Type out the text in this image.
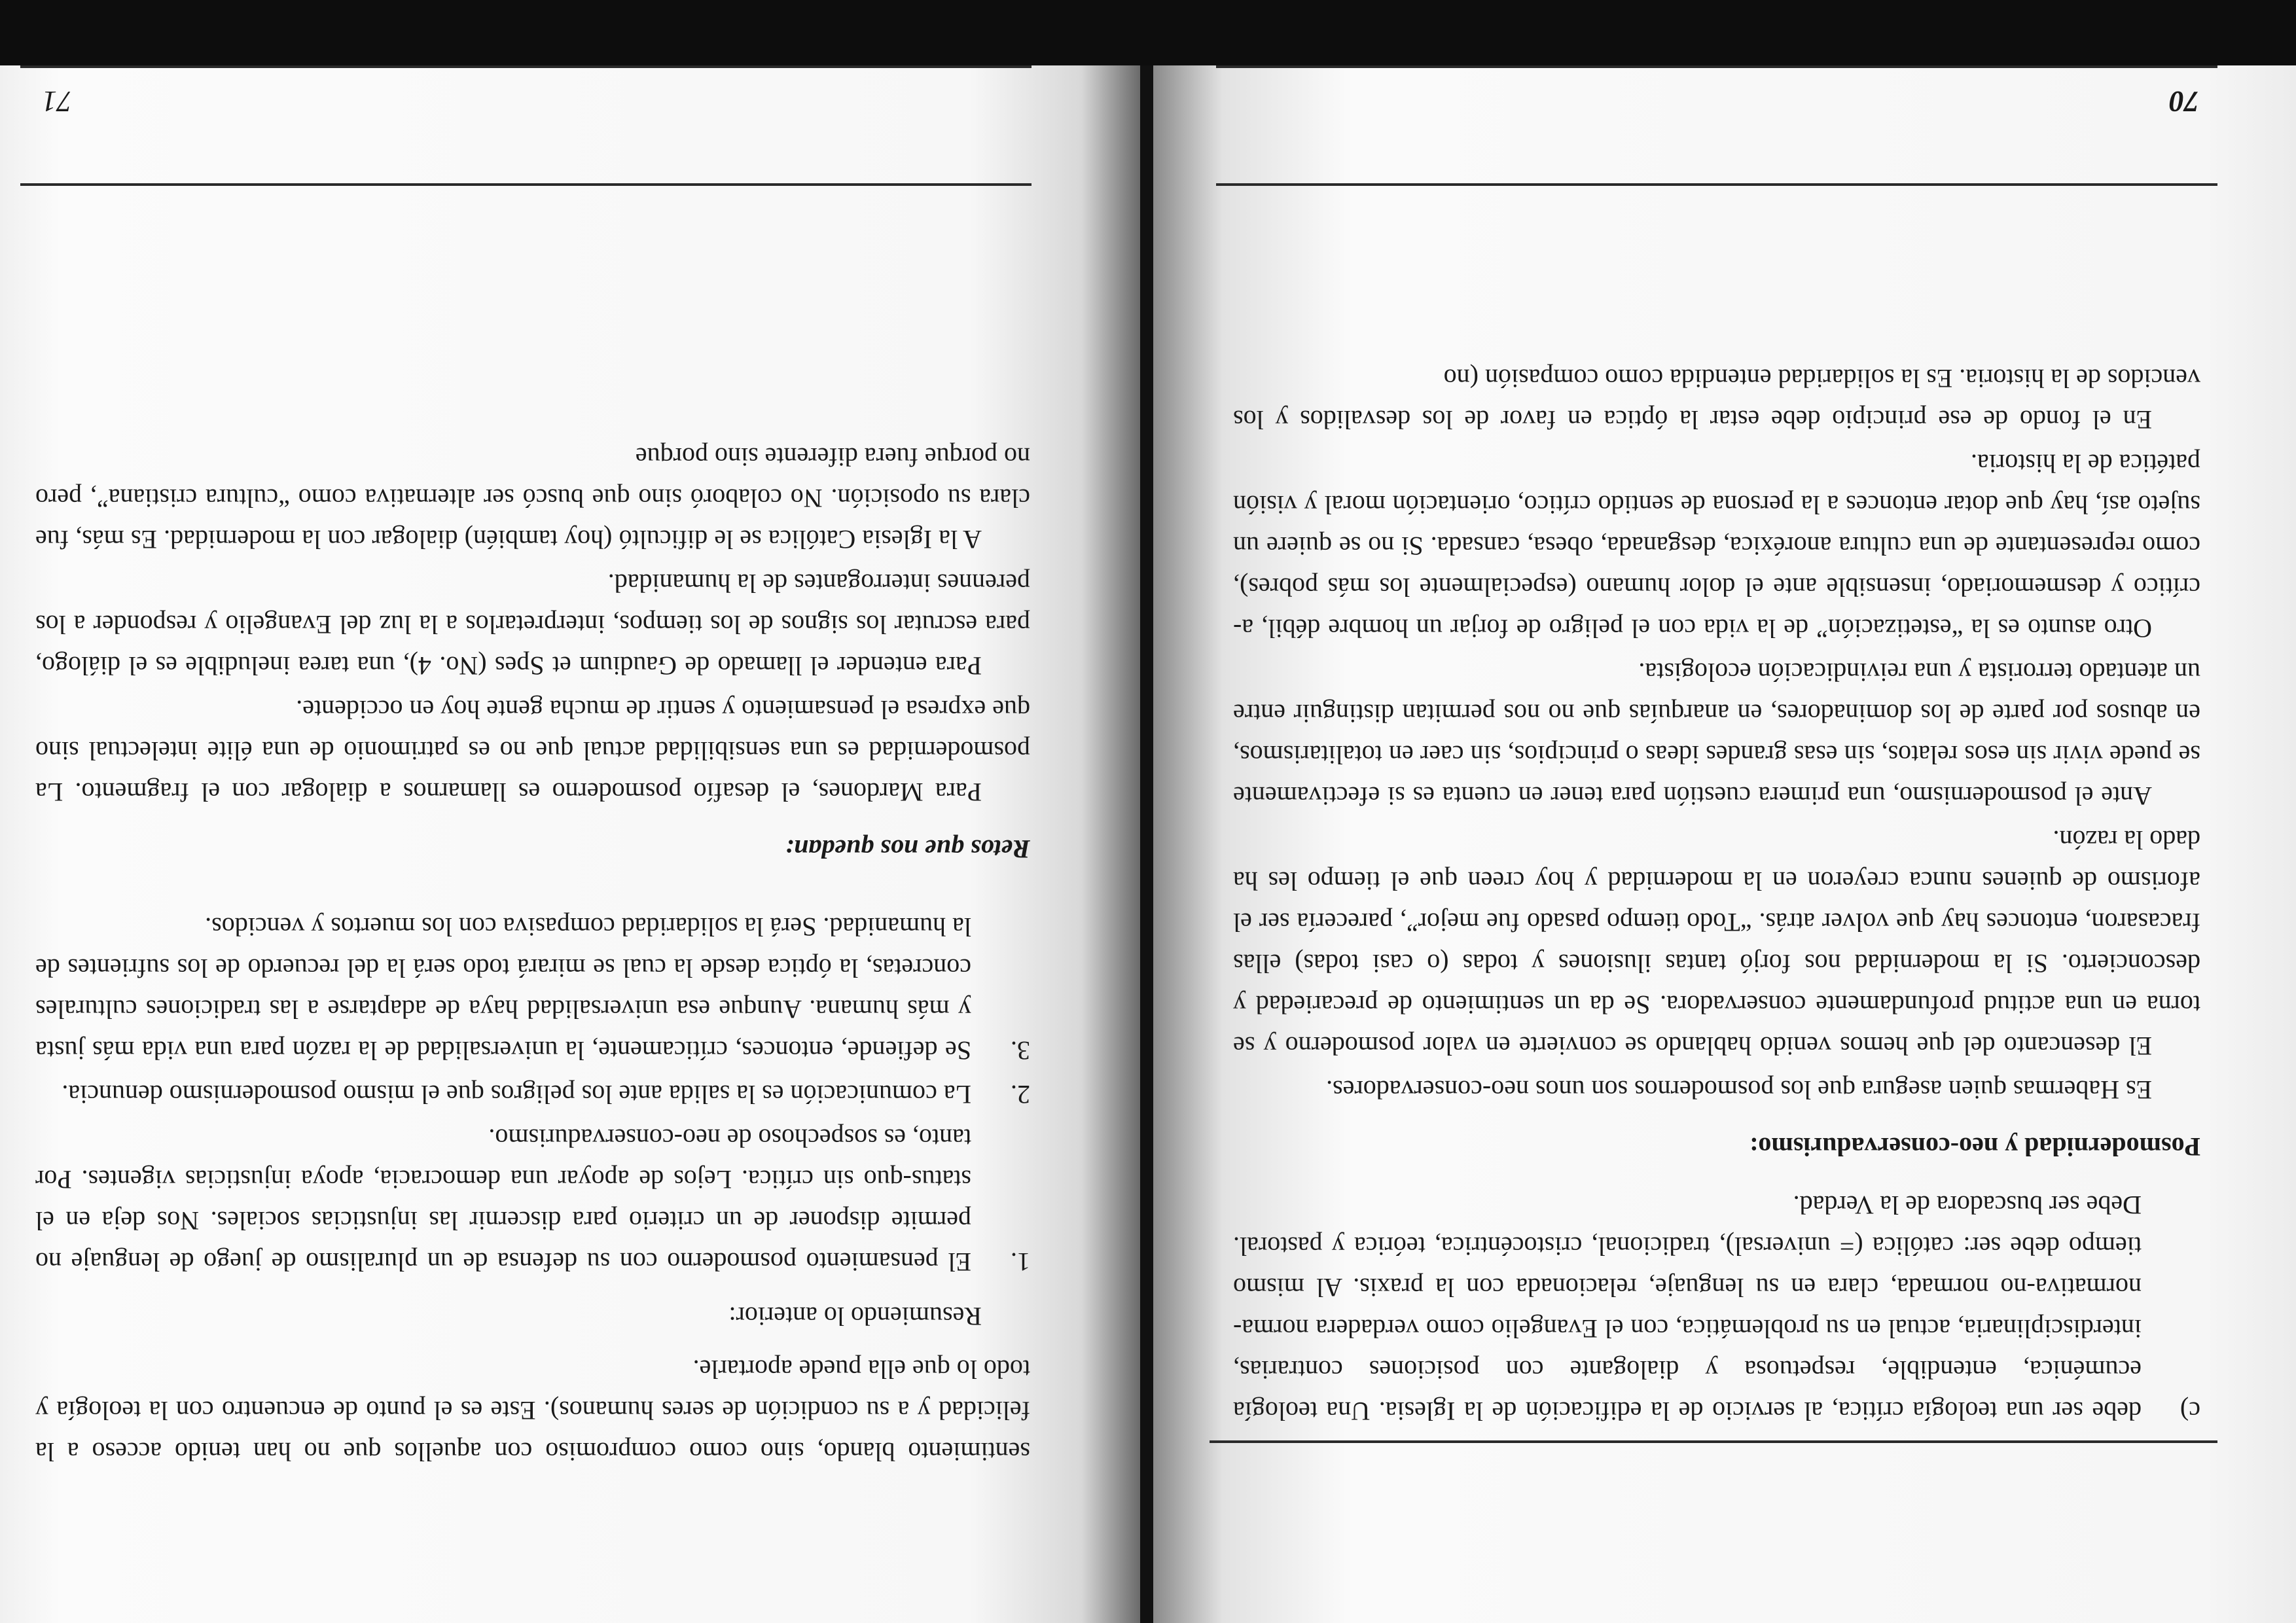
70
c)
debe ser una teología crítica, al servicio de la edificación de la Iglesia. Una teología ecuménica, entendible, respetuosa y dialogante con posiciones contrarias, interdisciplinaria, actual en su problemática, con el Evangelio como verdadera norma-normativa-no normada, clara en su lenguaje, relacionada con la praxis. Al mismo tiempo debe ser: católica (= universal), tradicional, cristocéntrica, teórica y pastoral. Debe ser buscadora de la Verdad.

Posmodernidad y neo-conservadurismo:

Es Habermas quien asegura que los posmodernos son unos neo-conservadores.

El desencanto del que hemos venido hablando se convierte en valor posmoderno y se torna en una actitud profundamente conservadora. Se da un sentimiento de precariedad y desconcierto. Si la modernidad nos forjó tantas ilusiones y todas (o casi todas) ellas fracasaron, entonces hay que volver atrás. “Todo tiempo pasado fue mejor”, parecería ser el aforismo de quienes nunca creyeron en la modernidad y hoy creen que el tiempo les ha dado la razón.

Ante el posmodernismo, una primera cuestión para tener en cuenta es si efectivamente se puede vivir sin esos relatos, sin esas grandes ideas o principios, sin caer en totalitarismos, en abusos por parte de los dominadores, en anarquías que no nos permitan distinguir entre un atentado terrorista y una reivindicación ecologista.

Otro asunto es la “estetización” de la vida con el peligro de forjar un hombre débil, a-crítico y desmemoriado, insensible ante el dolor humano (especialmente los más pobres), como representante de una cultura anoréxica, desganada, obesa, cansada. Si no se quiere un sujeto así, hay que dotar entonces a la persona de sentido crítico, orientación moral y visión patética de la historia.

En el fondo de ese principio debe estar la óptica en favor de los desvalidos y los vencidos de la historia. Es la solidaridad entendida como compasión (no

71

sentimiento blando, sino como compromiso con aquellos que no han tenido acceso a la felicidad y a su condición de seres humanos). Este es el punto de encuentro con la teología y todo lo que ella puede aportarle.

Resumiendo lo anterior:

1.
El pensamiento posmoderno con su defensa de un pluralismo de juego de lenguaje no permite disponer de un criterio para discernir las injusticias sociales. Nos deja en el status-quo sin crítica. Lejos de apoyar una democracia, apoya injusticias vigentes. Por tanto, es sospechoso de neo-conservadurismo.
2.
La comunicación es la salida ante los peligros que el mismo posmodernismo denuncia.
3.
Se defiende, entonces, críticamente, la universalidad de la razón para una vida más justa y más humana. Aunque esa universalidad haya de adaptarse a las tradiciones culturales concretas, la óptica desde la cual se mirará todo será la del recuerdo de los sufrientes de la humanidad. Será la solidaridad compasiva con los muertos y vencidos.

Retos que nos quedan:

Para Mardones, el desafío posmoderno es llamarnos a dialogar con el fragmento. La posmodernidad es una sensibilidad actual que no es patrimonio de una élite intelectual sino que expresa el pensamiento y sentir de mucha gente hoy en occidente.

Para entender el llamado de Gaudium et Spes (No. 4), una tarea ineludible es el diálogo, para escrutar los signos de los tiempos, interpretarlos a la luz del Evangelio y responder a los perennes interrogantes de la humanidad.

A la Iglesia Católica se le dificultó (hoy también) dialogar con la modernidad. Es más, fue clara su oposición. No colaboró sino que buscó ser alternativa como “cultura cristiana”, pero no porque fuera diferente sino porque
